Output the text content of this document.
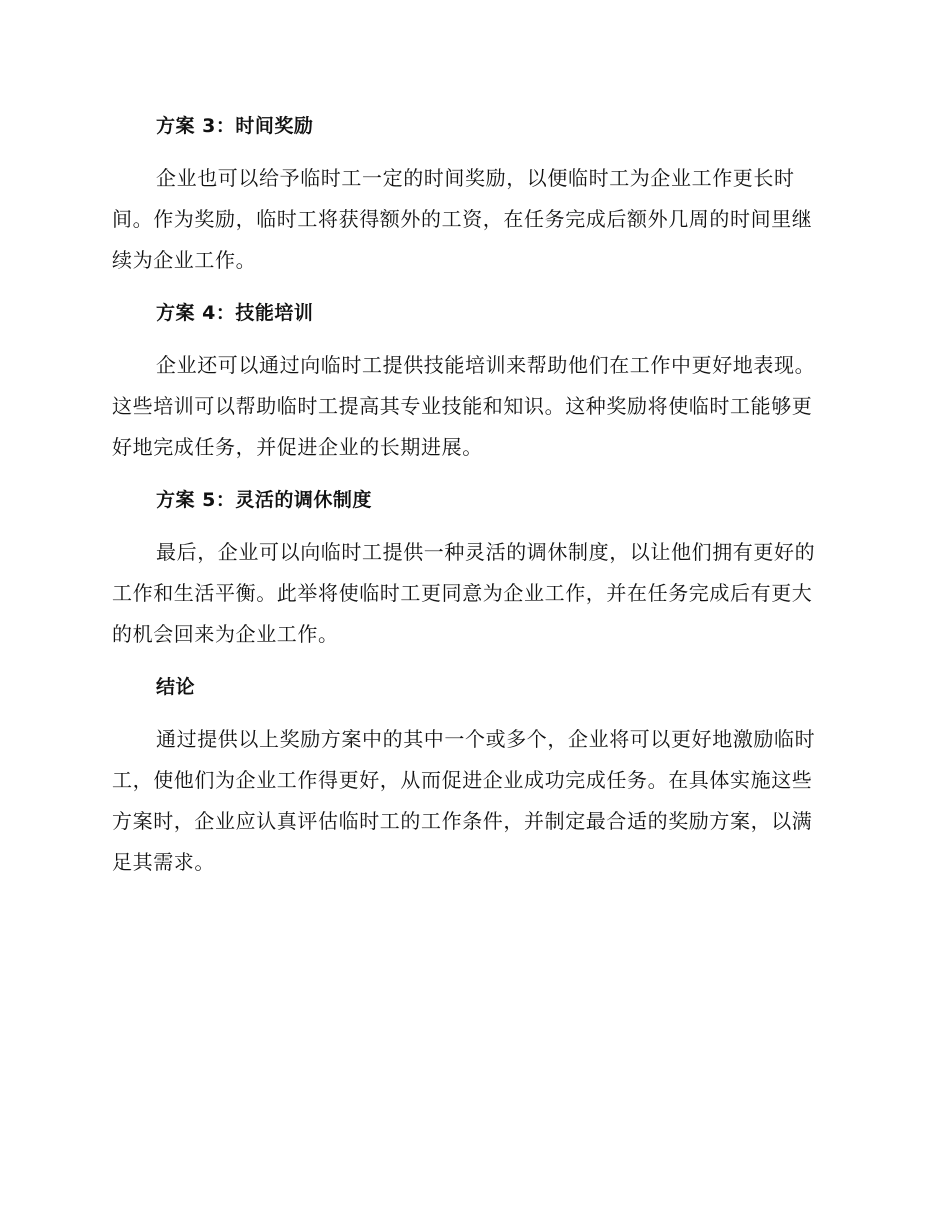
方案 3：时间奖励

企业也可以给予临时工一定的时间奖励，以便临时工为企业工作更长时间。作为奖励，临时工将获得额外的工资，在任务完成后额外几周的时间里继续为企业工作。

方案 4：技能培训

企业还可以通过向临时工提供技能培训来帮助他们在工作中更好地表现。这些培训可以帮助临时工提高其专业技能和知识。这种奖励将使临时工能够更好地完成任务，并促进企业的长期进展。

方案 5：灵活的调休制度

最后，企业可以向临时工提供一种灵活的调休制度，以让他们拥有更好的工作和生活平衡。此举将使临时工更同意为企业工作，并在任务完成后有更大的机会回来为企业工作。

结论

通过提供以上奖励方案中的其中一个或多个，企业将可以更好地激励临时工，使他们为企业工作得更好，从而促进企业成功完成任务。在具体实施这些方案时，企业应认真评估临时工的工作条件，并制定最合适的奖励方案，以满足其需求。
